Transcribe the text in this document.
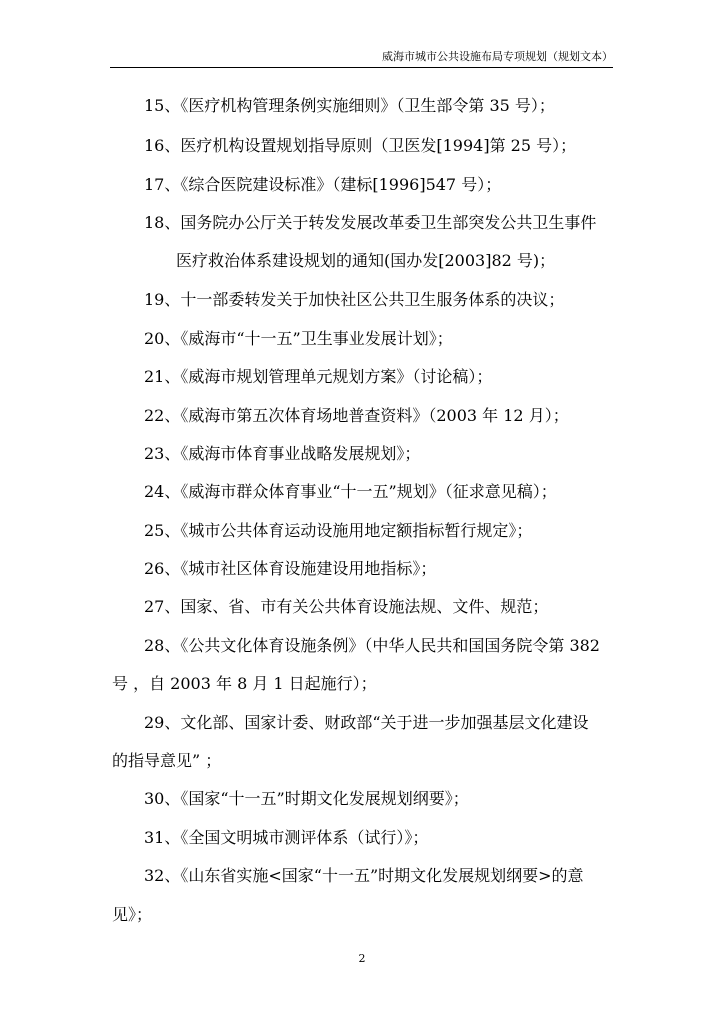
威海市城市公共设施布局专项规划（规划文本）
15、《医疗机构管理条例实施细则》（卫生部令第 35 号）；
16、医疗机构设置规划指导原则（卫医发[1994]第 25 号）；
17、《综合医院建设标准》（建标[1996]547 号）；
18、国务院办公厅关于转发发展改革委卫生部突发公共卫生事件
医疗救治体系建设规划的通知(国办发[2003]82 号)；
19、十一部委转发关于加快社区公共卫生服务体系的决议；
20、《威海市“十一五”卫生事业发展计划》；
21、《威海市规划管理单元规划方案》（讨论稿）；
22、《威海市第五次体育场地普查资料》（2003 年 12 月）；
23、《威海市体育事业战略发展规划》；
24、《威海市群众体育事业“十一五”规划》（征求意见稿）；
25、《城市公共体育运动设施用地定额指标暂行规定》；
26、《城市社区体育设施建设用地指标》；
27、国家、省、市有关公共体育设施法规、文件、规范；
28、《公共文化体育设施条例》（中华人民共和国国务院令第 382
号 ，自 2003 年 8 月 1 日起施行）；
29、文化部、国家计委、财政部“关于进一步加强基层文化建设
的指导意见” ；
30、《国家“十一五”时期文化发展规划纲要》；
31、《全国文明城市测评体系（试行）》；
32、《山东省实施<国家“十一五”时期文化发展规划纲要>的意
见》；
2
